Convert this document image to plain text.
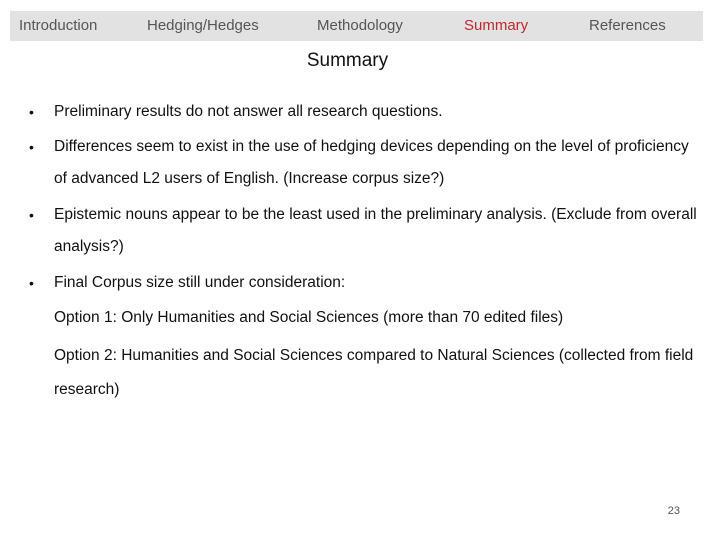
Introduction	Hedging/Hedges	Methodology	Summary	References
Summary
•	Preliminary results do not answer all research questions.
•	Differences seem to exist in the use of hedging devices depending on the level of proficiency of advanced L2 users of English. (Increase corpus size?)
•	Epistemic nouns appear to be the least used in the preliminary analysis. (Exclude from overall analysis?)
•	Final Corpus size still under consideration:
Option 1: Only Humanities and Social Sciences (more than 70 edited files)
Option 2: Humanities and Social Sciences compared to Natural Sciences (collected from field research)
23
